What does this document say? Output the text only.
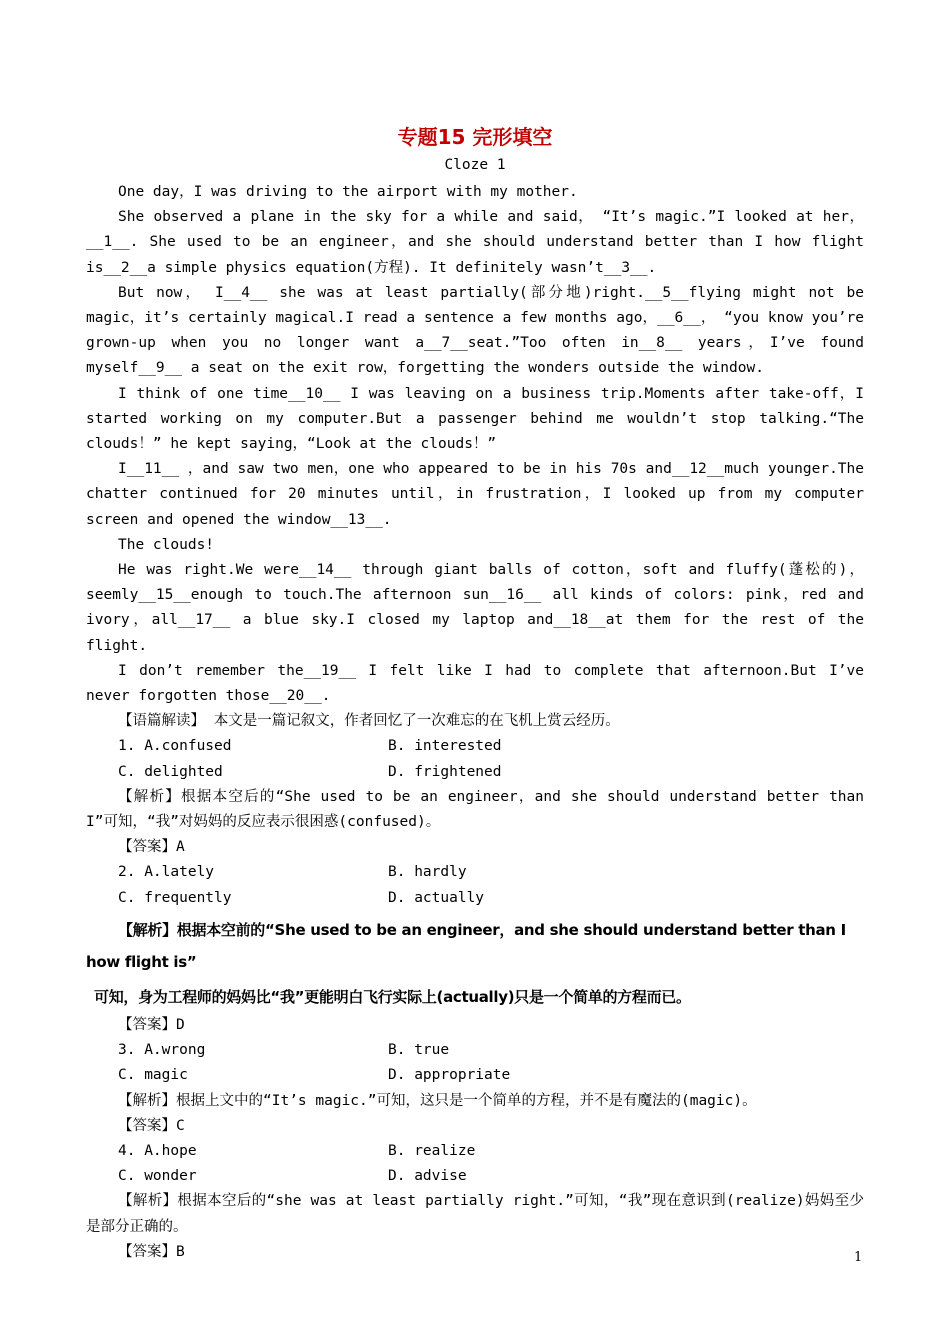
专题15 完形填空
Cloze 1

One day，I was driving to the airport with my mother.

She observed a plane in the sky for a while and said， “It’s magic.”I looked at her，__1__. She used to be an engineer，and she should understand better than I how flight is__2__a simple physics equation(方程). It definitely wasn’t__3__.

But now， I__4__ she was at least partially(部分地)right.__5__flying might not be magic，it’s certainly magical.I read a sentence a few months ago，__6__， “you know you’re grown-up when you no longer want a__7__seat.”Too often in__8__ years，I’ve found myself__9__ a seat on the exit row，forgetting the wonders outside the window.

I think of one time__10__ I was leaving on a business trip.Moments after take-off，I started working on my computer.But a passenger behind me wouldn’t stop talking.“The clouds！” he kept saying，“Look at the clouds！”

I__11__ ，and saw two men，one who appeared to be in his 70s and__12__much younger.The chatter continued for 20 minutes until，in frustration，I looked up from my computer screen and opened the window__13__.

The clouds!

He was right.We were__14__ through giant balls of cotton，soft and fluffy(蓬松的)，seemly__15__enough to touch.The afternoon sun__16__ all kinds of colors: pink，red and ivory，all__17__ a blue sky.I closed my laptop and__18__at them for the rest of the flight.

I don’t remember the__19__ I felt like I had to complete that afternoon.But I’ve never forgotten those__20__.

【语篇解读】 本文是一篇记叙文，作者回忆了一次难忘的在飞机上赏云经历。

1. A.confused	B. interested
C. delighted	D. frightened

【解析】根据本空后的“She used to be an engineer，and she should understand better than I”可知，“我”对妈妈的反应表示很困惑(confused)。

【答案】A

2. A.lately	B. hardly
C. frequently	D. actually

【解析】根据本空前的“She used to be an engineer，and she should understand better than I how flight is”

可知，身为工程师的妈妈比“我”更能明白飞行实际上(actually)只是一个简单的方程而已。

【答案】D

3. A.wrong	B. true
C. magic	D. appropriate

【解析】根据上文中的“It’s magic.”可知，这只是一个简单的方程，并不是有魔法的(magic)。

【答案】C

4. A.hope	B. realize
C. wonder	D. advise

【解析】根据本空后的“she was at least partially right.”可知，“我”现在意识到(realize)妈妈至少是部分正确的。

【答案】B	1
